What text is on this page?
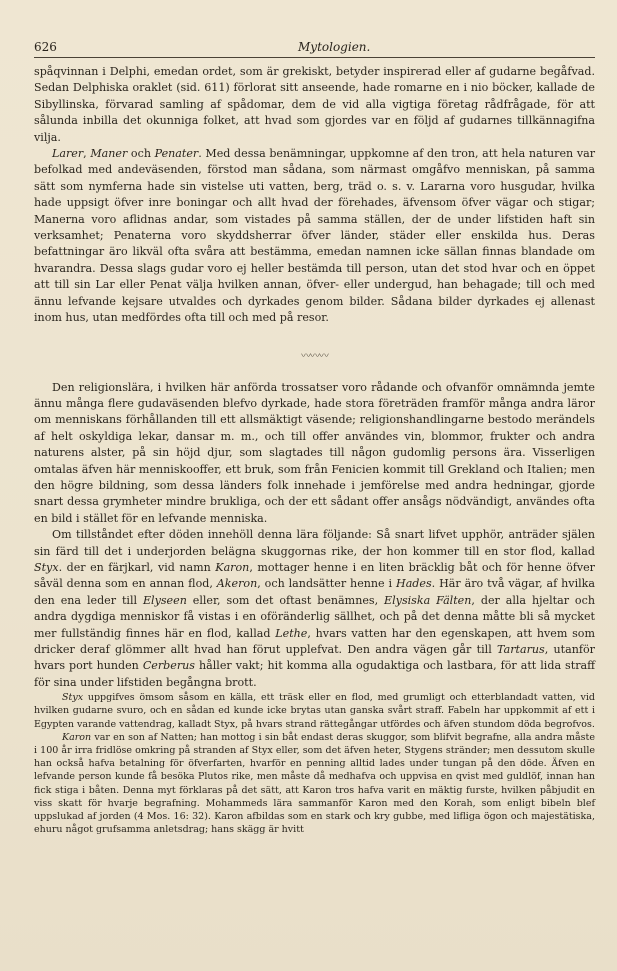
626	Mytologien.

spåqvinnan i Delphi, emedan ordet, som är grekiskt, betyder inspirerad eller af gudarne begåfvad. Sedan Delphiska oraklet (sid. 611) förlorat sitt anseende, hade romarne en i nio böcker, kallade de Sibyllinska, förvarad samling af spådomar, dem de vid alla vigtiga företag rådfrågade, för att sålunda inbilla det okunniga folket, att hvad som gjordes var en följd af gudarnes tillkännagifna vilja.

Larer, Maner och Penater. Med dessa benämningar, uppkomne af den tron, att hela naturen var befolkad med andeväsenden, förstod man sådana, som närmast omgåfvo menniskan, på samma sätt som nymferna hade sin vistelse uti vatten, berg, träd o. s. v. Lararna voro husgudar, hvilka hade uppsigt öfver inre boningar och allt hvad der förehades, äfvensom öfver vägar och stigar; Manerna voro aflidnas andar, som vistades på samma ställen, der de under lifstiden haft sin verksamhet; Penaterna voro skyddsherrar öfver länder, städer eller enskilda hus. Deras befattningar äro likväl ofta svåra att bestämma, emedan namnen icke sällan finnas blandade om hvarandra. Dessa slags gudar voro ej heller bestämda till person, utan det stod hvar och en öppet att till sin Lar eller Penat välja hvilken annan, öfver- eller undergud, han behagade; till och med ännu lefvande kejsare utvaldes och dyrkades genom bilder. Sådana bilder dyrkades ej allenast inom hus, utan medfördes ofta till och med på resor.

〰〰〰

Den religionslära, i hvilken här anförda trossatser voro rådande och ofvanför omnämnda jemte ännu många flere gudaväsenden blefvo dyrkade, hade stora företräden framför många andra läror om menniskans förhållanden till ett allsmäktigt väsende; religionshandlingarne bestodo merändels af helt oskyldiga lekar, dansar m. m., och till offer användes vin, blommor, frukter och andra naturens alster, på sin höjd djur, som slagtades till någon gudomlig persons ära. Visserligen omtalas äfven här menniskooffer, ett bruk, som från Fenicien kommit till Grekland och Italien; men den högre bildning, som dessa länders folk innehade i jemförelse med andra hedningar, gjorde snart dessa grymheter mindre brukliga, och der ett sådant offer ansågs nödvändigt, användes ofta en bild i stället för en lefvande menniska.

Om tillståndet efter döden innehöll denna lära följande: Så snart lifvet upphör, anträder själen sin färd till det i underjorden belägna skuggornas rike, der hon kommer till en stor flod, kallad Styx. der en färjkarl, vid namn Karon, mottager henne i en liten bräcklig båt och för henne öfver såväl denna som en annan flod, Akeron, och landsätter henne i Hades. Här äro två vägar, af hvilka den ena leder till Elyseen eller, som det oftast benämnes, Elysiska Fälten, der alla hjeltar och andra dygdiga menniskor få vistas i en oföränderlig sällhet, och på det denna måtte bli så mycket mer fullständig finnes här en flod, kallad Lethe, hvars vatten har den egenskapen, att hvem som dricker deraf glömmer allt hvad han förut upplefvat. Den andra vägen går till Tartarus, utanför hvars port hunden Cerberus håller vakt; hit komma alla ogudaktiga och lastbara, för att lida straff för sina under lifstiden begångna brott.

Styx uppgifves ömsom såsom en källa, ett träsk eller en flod, med grumligt och etterblandadt vatten, vid hvilken gudarne svuro, och en sådan ed kunde icke brytas utan ganska svårt straff. Fabeln har uppkommit af ett i Egypten varande vattendrag, kalladt Styx, på hvars strand rättegångar utfördes och äfven stundom döda begrofvos.

Karon var en son af Natten; han mottog i sin båt endast deras skuggor, som blifvit begrafne, alla andra måste i 100 år irra fridlöse omkring på stranden af Styx eller, som det äfven heter, Stygens stränder; men dessutom skulle han också hafva betalning för öfverfarten, hvarför en penning alltid lades under tungan på den döde. Äfven en lefvande person kunde få besöka Plutos rike, men måste då medhafva och uppvisa en qvist med guldlöf, innan han fick stiga i båten. Denna myt förklaras på det sätt, att Karon tros hafva varit en mäktig furste, hvilken påbjudit en viss skatt för hvarje begrafning. Mohammeds lära sammanför Karon med den Korah, som enligt bibeln blef uppslukad af jorden (4 Mos. 16: 32). Karon afbildas som en stark och kry gubbe, med lifliga ögon och majestätiska, ehuru något grufsamma anletsdrag; hans skägg är hvitt
